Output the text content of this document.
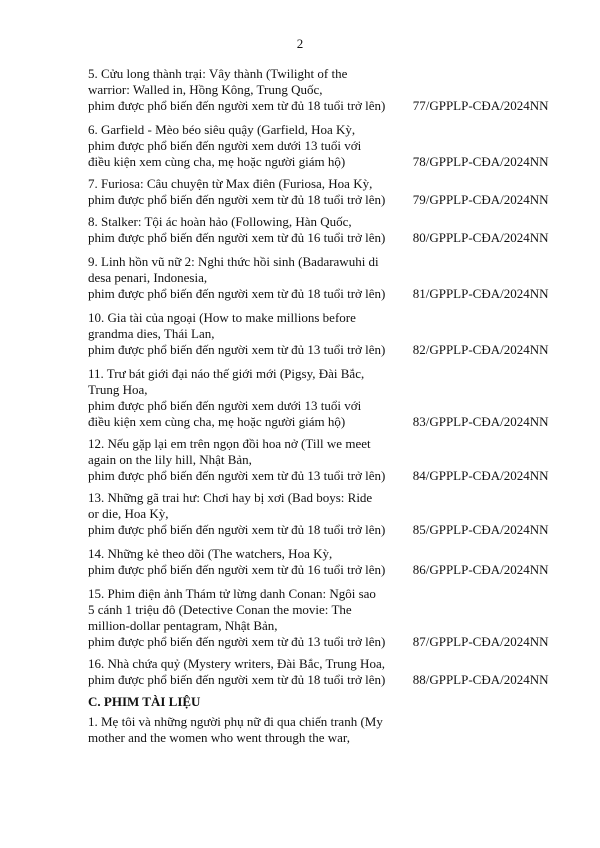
2
5. Cửu long thành trại: Vây thành (Twilight of the
warrior: Walled in, Hồng Kông, Trung Quốc,
phim được phổ biến đến người xem từ đủ 18 tuổi trở lên)	77/GPPLP-CĐA/2024NN
6. Garfield - Mèo béo siêu quậy (Garfield, Hoa Kỳ,
phim được phổ biến đến người xem dưới 13 tuổi với
điều kiện xem cùng cha, mẹ hoặc người giám hộ)	78/GPPLP-CĐA/2024NN
7. Furiosa: Câu chuyện từ Max điên (Furiosa, Hoa Kỳ,
phim được phổ biến đến người xem từ đủ 18 tuổi trở lên)	79/GPPLP-CĐA/2024NN
8. Stalker: Tội ác hoàn hảo (Following, Hàn Quốc,
phim được phổ biến đến người xem từ đủ 16 tuổi trở lên)	80/GPPLP-CĐA/2024NN
9. Linh hồn vũ nữ 2: Nghi thức hồi sinh (Badarawuhi di
desa penari, Indonesia,
phim được phổ biến đến người xem từ đủ 18 tuổi trở lên)	81/GPPLP-CĐA/2024NN
10. Gia tài của ngoại (How to make millions before
grandma dies, Thái Lan,
phim được phổ biến đến người xem từ đủ 13 tuổi trở lên)	82/GPPLP-CĐA/2024NN
11. Trư bát giới đại náo thế giới mới (Pigsy, Đài Bắc,
Trung Hoa,
phim được phổ biến đến người xem dưới 13 tuổi với
điều kiện xem cùng cha, mẹ hoặc người giám hộ)	83/GPPLP-CĐA/2024NN
12. Nếu gặp lại em trên ngọn đồi hoa nở (Till we meet
again on the lily hill, Nhật Bản,
phim được phổ biến đến người xem từ đủ 13 tuổi trở lên)	84/GPPLP-CĐA/2024NN
13. Những gã trai hư: Chơi hay bị xơi (Bad boys: Ride
or die, Hoa Kỳ,
phim được phổ biến đến người xem từ đủ 18 tuổi trở lên)	85/GPPLP-CĐA/2024NN
14. Những kẻ theo dõi (The watchers, Hoa Kỳ,
phim được phổ biến đến người xem từ đủ 16 tuổi trở lên)	86/GPPLP-CĐA/2024NN
15. Phim điện ảnh Thám tử lừng danh Conan: Ngôi sao
5 cánh 1 triệu đô (Detective Conan the movie: The
million-dollar pentagram, Nhật Bản,
phim được phổ biến đến người xem từ đủ 13 tuổi trở lên)	87/GPPLP-CĐA/2024NN
16. Nhà chứa quỷ (Mystery writers, Đài Bắc, Trung Hoa,
phim được phổ biến đến người xem từ đủ 18 tuổi trở lên)	88/GPPLP-CĐA/2024NN
C. PHIM TÀI LIỆU
1. Mẹ tôi và những người phụ nữ đi qua chiến tranh (My
mother and the women who went through the war,
